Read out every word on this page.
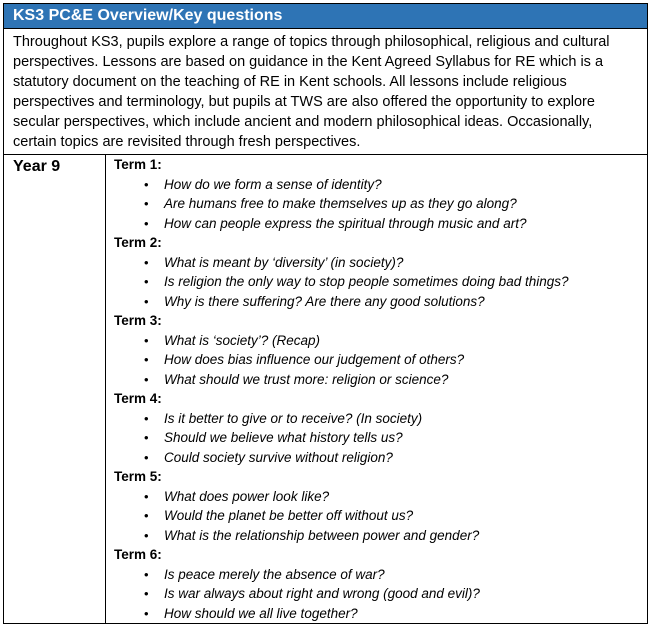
KS3 PC&E Overview/Key questions
Throughout KS3, pupils explore a range of topics through philosophical, religious and cultural perspectives. Lessons are based on guidance in the Kent Agreed Syllabus for RE which is a statutory document on the teaching of RE in Kent schools. All lessons include religious perspectives and terminology, but pupils at TWS are also offered the opportunity to explore secular perspectives, which include ancient and modern philosophical ideas. Occasionally, certain topics are revisited through fresh perspectives.
Year 9	Term 1:
• How do we form a sense of identity?
• Are humans free to make themselves up as they go along?
• How can people express the spiritual through music and art?
Term 2:
• What is meant by ‘diversity’ (in society)?
• Is religion the only way to stop people sometimes doing bad things?
• Why is there suffering? Are there any good solutions?
Term 3:
• What is ‘society’? (Recap)
• How does bias influence our judgement of others?
• What should we trust more: religion or science?
Term 4:
• Is it better to give or to receive? (In society)
• Should we believe what history tells us?
• Could society survive without religion?
Term 5:
• What does power look like?
• Would the planet be better off without us?
• What is the relationship between power and gender?
Term 6:
• Is peace merely the absence of war?
• Is war always about right and wrong (good and evil)?
• How should we all live together?
